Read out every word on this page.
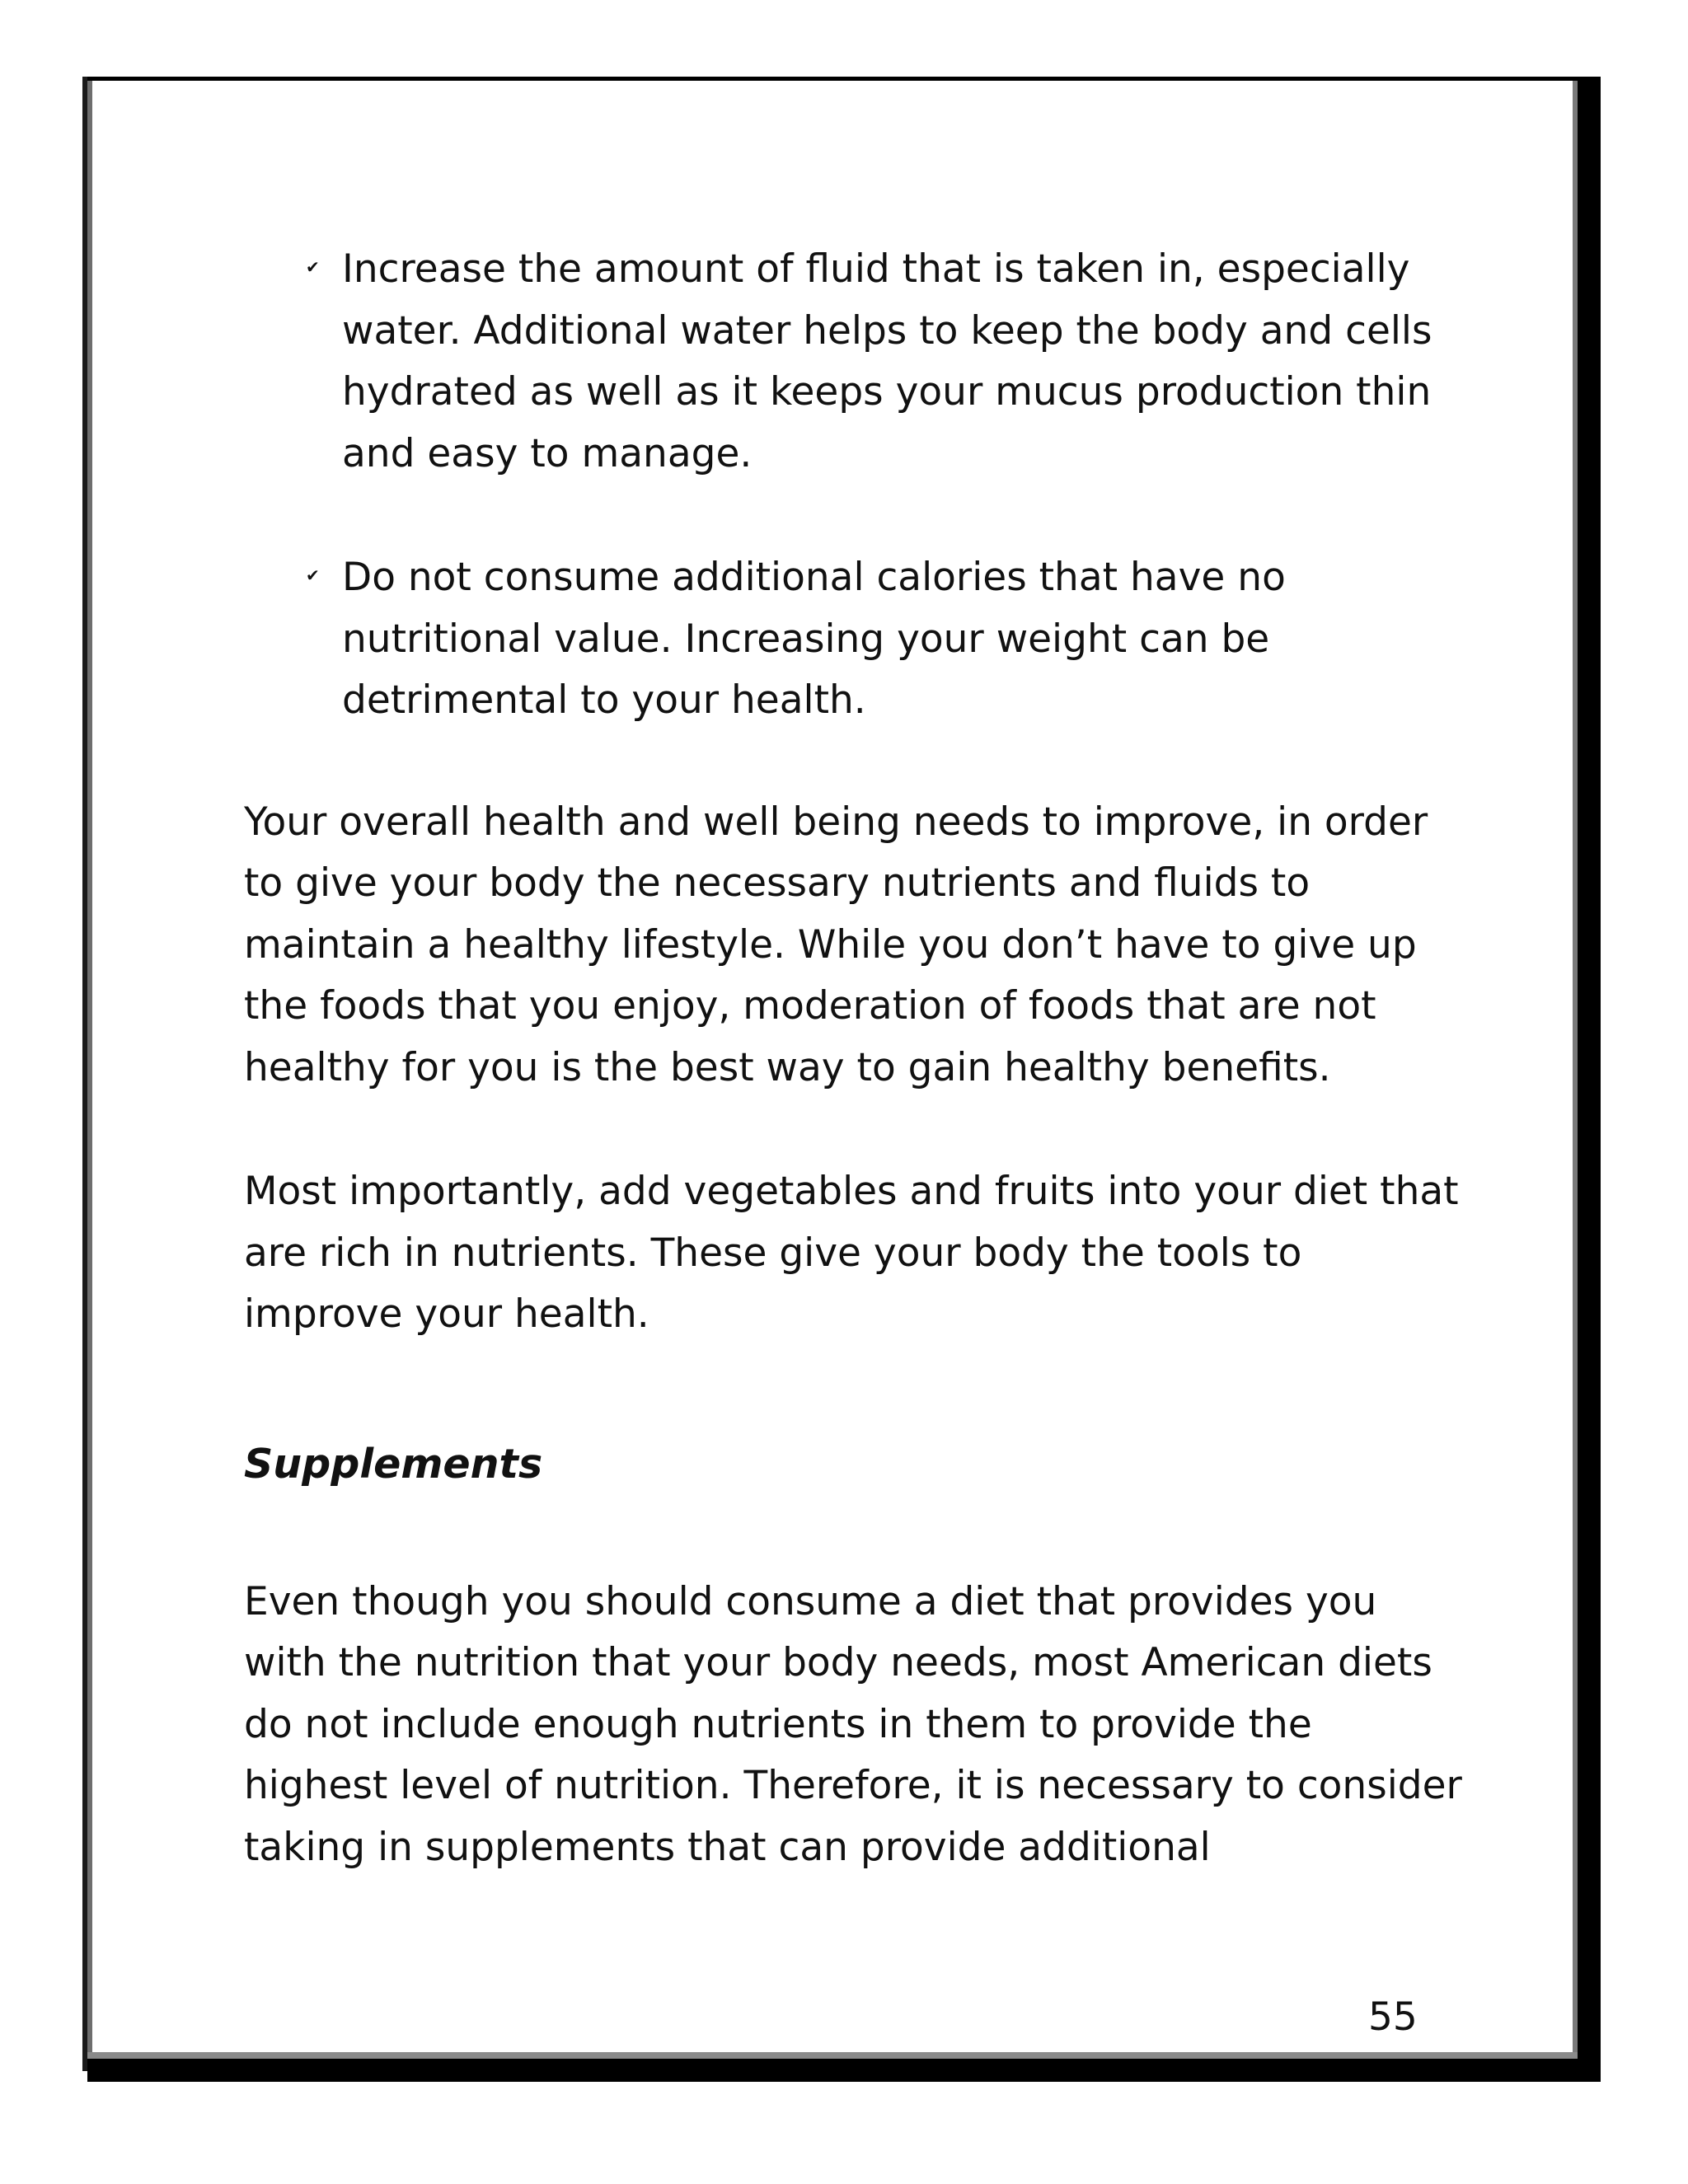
✔ Increase the amount of fluid that is taken in, especially water. Additional water helps to keep the body and cells hydrated as well as it keeps your mucus production thin and easy to manage.

✔ Do not consume additional calories that have no nutritional value. Increasing your weight can be detrimental to your health.

Your overall health and well being needs to improve, in order to give your body the necessary nutrients and fluids to maintain a healthy lifestyle. While you don’t have to give up the foods that you enjoy, moderation of foods that are not healthy for you is the best way to gain healthy benefits.

Most importantly, add vegetables and fruits into your diet that are rich in nutrients. These give your body the tools to improve your health.

Supplements

Even though you should consume a diet that provides you with the nutrition that your body needs, most American diets do not include enough nutrients in them to provide the highest level of nutrition. Therefore, it is necessary to consider taking in supplements that can provide additional

55
